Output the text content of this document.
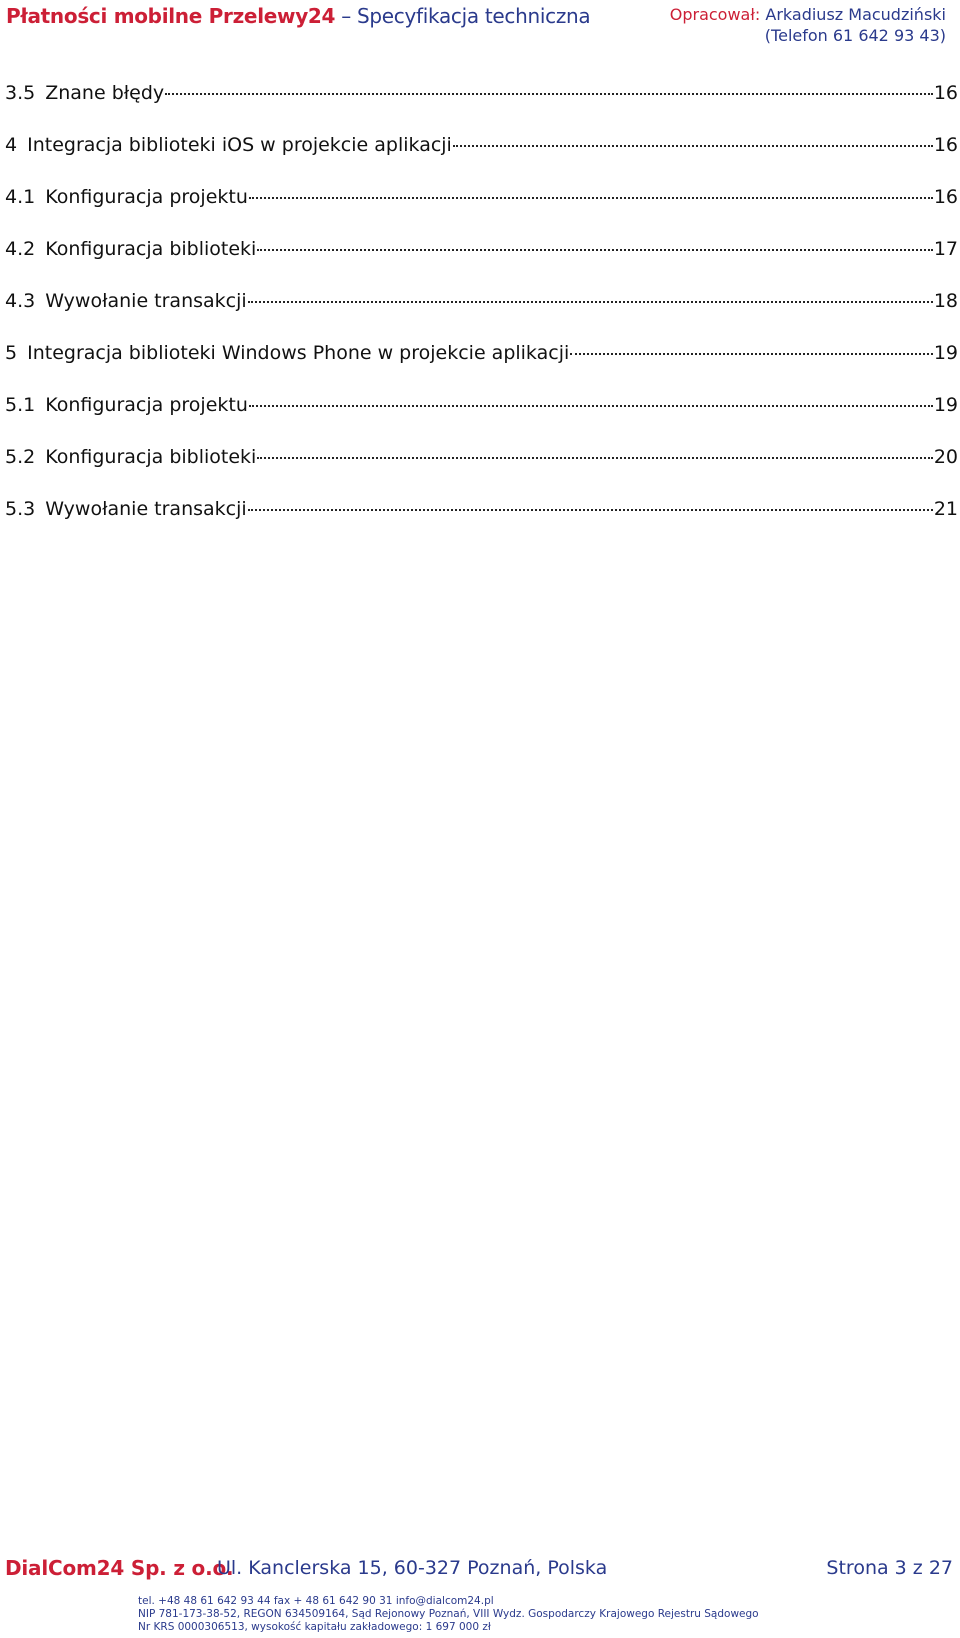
Płatności mobilne Przelewy24 – Specyfikacja techniczna	Opracował: Arkadiusz Macudziński
(Telefon 61 642 93 43)
3.5 Znane błędy	16
4 Integracja biblioteki iOS w projekcie aplikacji	16
4.1 Konfiguracja projektu	16
4.2 Konfiguracja biblioteki	17
4.3 Wywołanie transakcji	18
5 Integracja biblioteki Windows Phone w projekcie aplikacji	19
5.1 Konfiguracja projektu	19
5.2 Konfiguracja biblioteki	20
5.3 Wywołanie transakcji	21
DialCom24 Sp. z o.o.
Ul. Kanclerska 15, 60-327 Poznań, Polska	Strona 3 z 27
tel. +48 48 61 642 93 44 fax + 48 61 642 90 31 info@dialcom24.pl
NIP 781-173-38-52, REGON 634509164, Sąd Rejonowy Poznań, VIII Wydz. Gospodarczy Krajowego Rejestru Sądowego
Nr KRS 0000306513, wysokość kapitału zakładowego: 1 697 000 zł
